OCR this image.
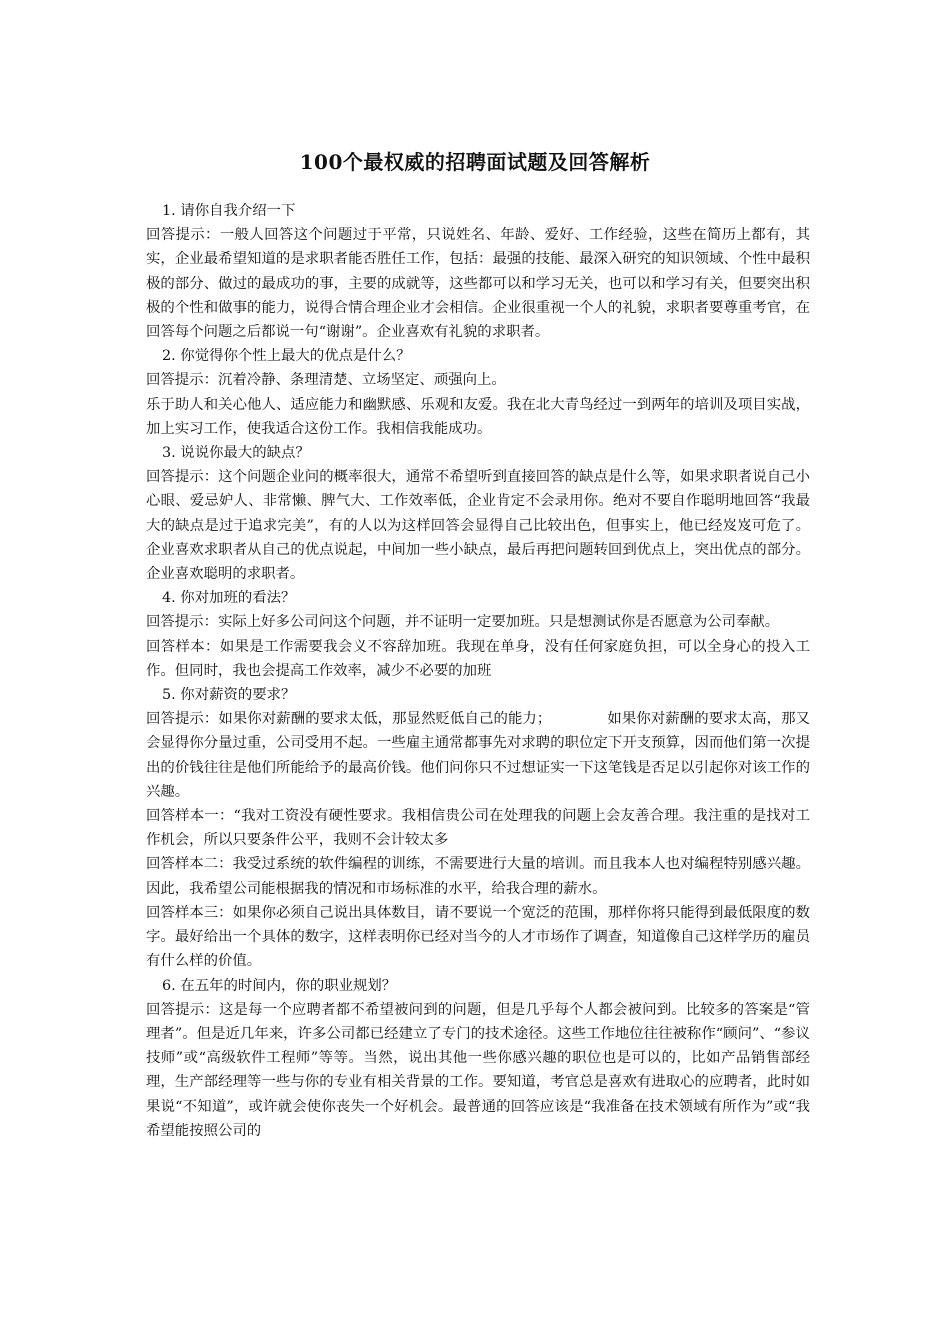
100个最权威的招聘面试题及回答解析

1. 请你自我介绍一下

回答提示：一般人回答这个问题过于平常，只说姓名、年龄、爱好、工作经验，这些在简历上都有，其实，企业最希望知道的是求职者能否胜任工作，包括：最强的技能、最深入研究的知识领域、个性中最积极的部分、做过的最成功的事，主要的成就等，这些都可以和学习无关，也可以和学习有关，但要突出积极的个性和做事的能力，说得合情合理企业才会相信。企业很重视一个人的礼貌，求职者要尊重考官，在回答每个问题之后都说一句“谢谢”。企业喜欢有礼貌的求职者。

2. 你觉得你个性上最大的优点是什么？

回答提示：沉着冷静、条理清楚、立场坚定、顽强向上。

乐于助人和关心他人、适应能力和幽默感、乐观和友爱。我在北大青鸟经过一到两年的培训及项目实战，加上实习工作，使我适合这份工作。我相信我能成功。

3. 说说你最大的缺点？

回答提示：这个问题企业问的概率很大，通常不希望听到直接回答的缺点是什么等，如果求职者说自己小心眼、爱忌妒人、非常懒、脾气大、工作效率低，企业肯定不会录用你。绝对不要自作聪明地回答“我最大的缺点是过于追求完美”，有的人以为这样回答会显得自己比较出色，但事实上，他已经岌岌可危了。企业喜欢求职者从自己的优点说起，中间加一些小缺点，最后再把问题转回到优点上，突出优点的部分。企业喜欢聪明的求职者。

4. 你对加班的看法？

回答提示：实际上好多公司问这个问题，并不证明一定要加班。只是想测试你是否愿意为公司奉献。

回答样本：如果是工作需要我会义不容辞加班。我现在单身，没有任何家庭负担，可以全身心的投入工作。但同时，我也会提高工作效率，减少不必要的加班

5. 你对薪资的要求？

回答提示：如果你对薪酬的要求太低，那显然贬低自己的能力；	如果你对薪酬的要求太高，那又会显得你分量过重，公司受用不起。一些雇主通常都事先对求聘的职位定下开支预算，因而他们第一次提出的价钱往往是他们所能给予的最高价钱。他们问你只不过想证实一下这笔钱是否足以引起你对该工作的兴趣。

回答样本一：“我对工资没有硬性要求。我相信贵公司在处理我的问题上会友善合理。我注重的是找对工作机会，所以只要条件公平，我则不会计较太多

回答样本二：我受过系统的软件编程的训练，不需要进行大量的培训。而且我本人也对编程特别感兴趣。因此，我希望公司能根据我的情况和市场标准的水平，给我合理的薪水。

回答样本三：如果你必须自己说出具体数目，请不要说一个宽泛的范围，那样你将只能得到最低限度的数字。最好给出一个具体的数字，这样表明你已经对当今的人才市场作了调查，知道像自己这样学历的雇员有什么样的价值。

6. 在五年的时间内，你的职业规划？

回答提示：这是每一个应聘者都不希望被问到的问题，但是几乎每个人都会被问到。比较多的答案是“管理者”。但是近几年来，许多公司都已经建立了专门的技术途径。这些工作地位往往被称作“顾问”、“参议技师”或“高级软件工程师”等等。当然，说出其他一些你感兴趣的职位也是可以的，比如产品销售部经理，生产部经理等一些与你的专业有相关背景的工作。要知道，考官总是喜欢有进取心的应聘者，此时如果说“不知道”，或许就会使你丧失一个好机会。最普通的回答应该是“我准备在技术领域有所作为”或“我希望能按照公司的
